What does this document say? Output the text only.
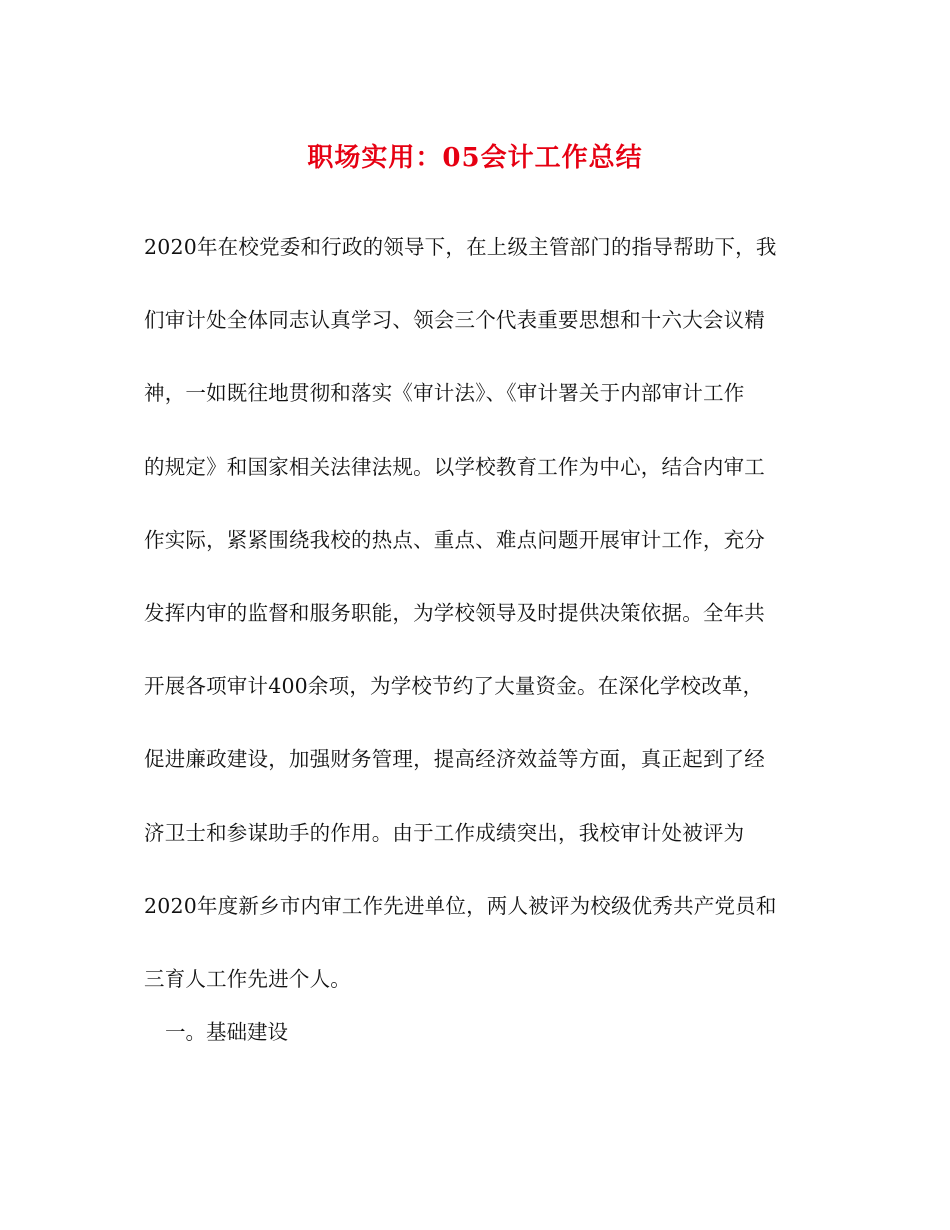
职场实用：05会计工作总结
2020年在校党委和行政的领导下，在上级主管部门的指导帮助下，我
们审计处全体同志认真学习、领会三个代表重要思想和十六大会议精
神，一如既往地贯彻和落实《审计法》、《审计署关于内部审计工作
的规定》和国家相关法律法规。以学校教育工作为中心，结合内审工
作实际，紧紧围绕我校的热点、重点、难点问题开展审计工作，充分
发挥内审的监督和服务职能，为学校领导及时提供决策依据。全年共
开展各项审计400余项，为学校节约了大量资金。在深化学校改革，
促进廉政建设，加强财务管理，提高经济效益等方面，真正起到了经
济卫士和参谋助手的作用。由于工作成绩突出，我校审计处被评为
2020年度新乡市内审工作先进单位，两人被评为校级优秀共产党员和
三育人工作先进个人。
一。基础建设
